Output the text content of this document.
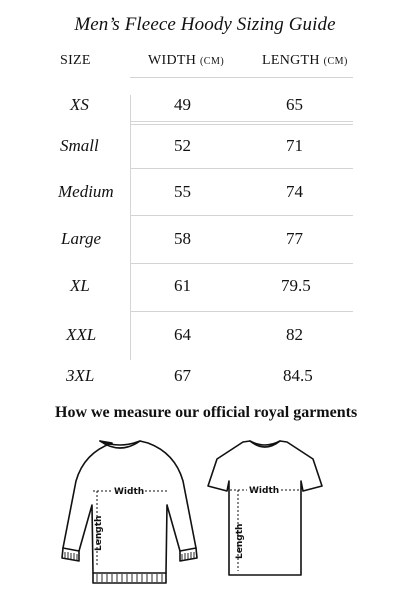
Men’s Fleece Hoody Sizing Guide
SIZE	WIDTH (CM)	LENGTH (CM)
XS	49	65
Small	52	71
Medium	55	74
Large	58	77
XL	61	79.5
XXL	64	82
3XL	67	84.5
How we measure our official royal garments
Width
Length
Width
Length
